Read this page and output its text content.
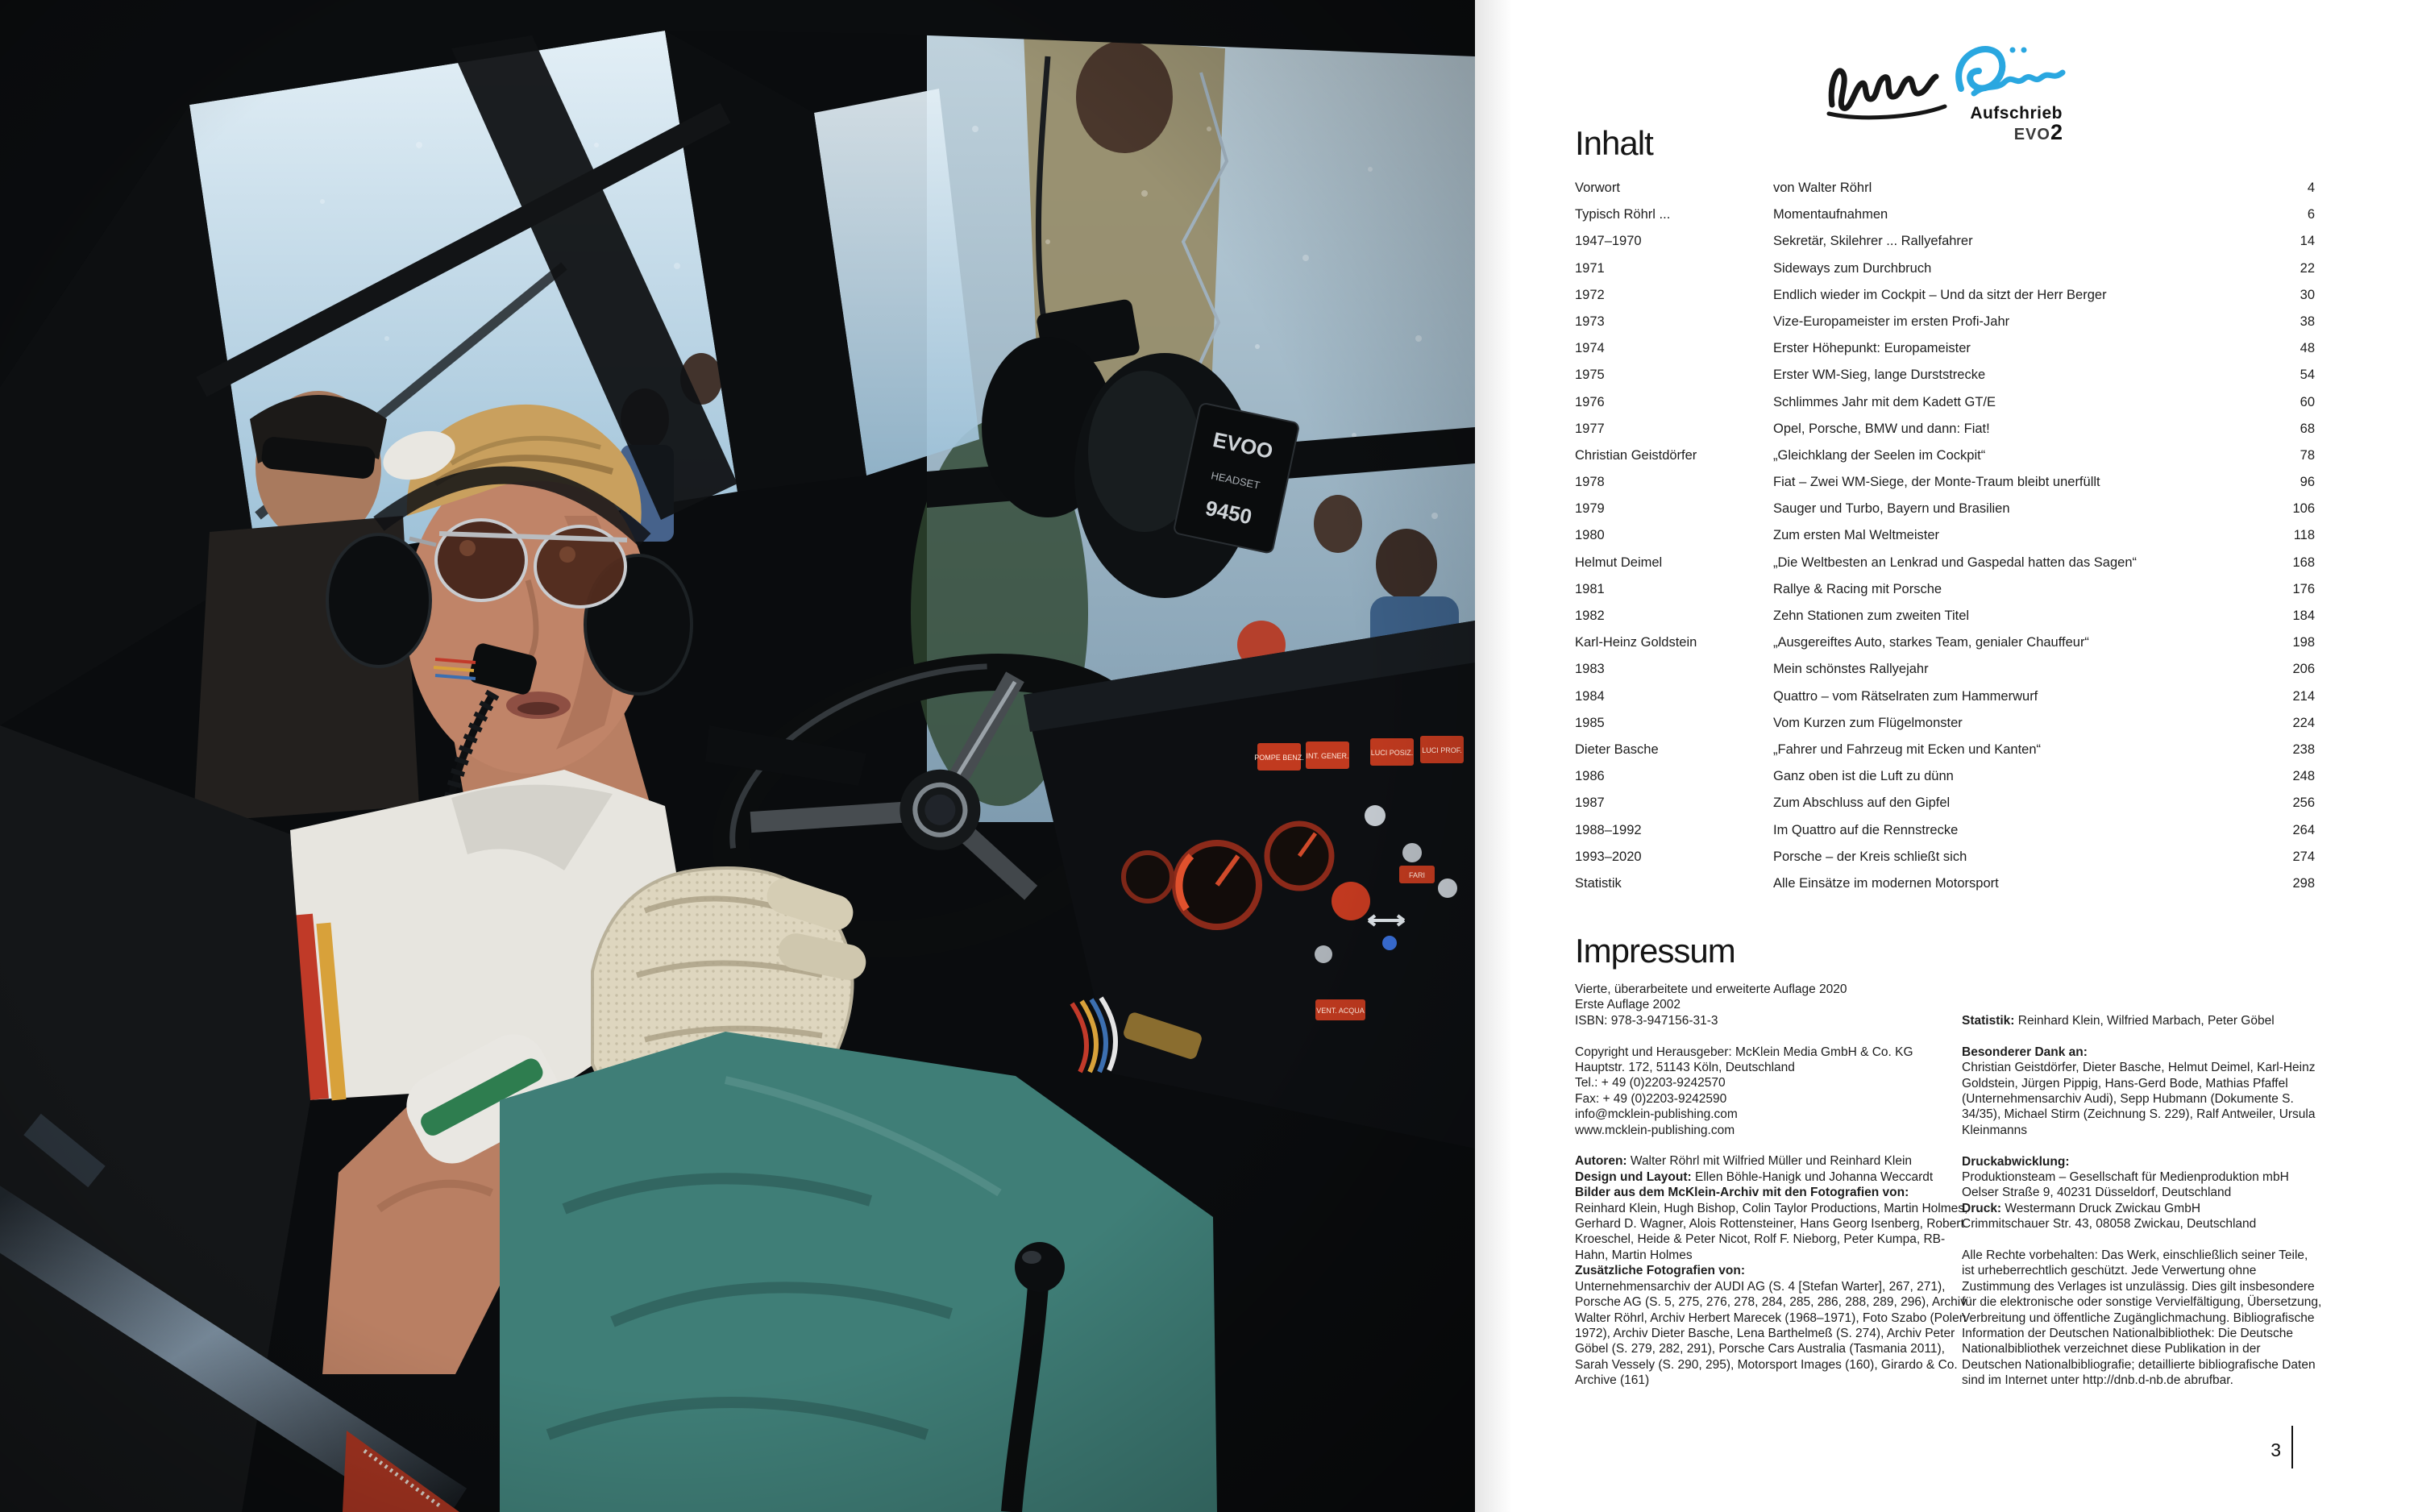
Aufschrieb
EVO2
Inhalt
Vorwort	von Walter Röhrl	4
Typisch Röhrl ...	Momentaufnahmen	6
1947–1970	Sekretär, Skilehrer ... Rallyefahrer	14
1971	Sideways zum Durchbruch	22
1972	Endlich wieder im Cockpit – Und da sitzt der Herr Berger	30
1973	Vize-Europameister im ersten Profi-Jahr	38
1974	Erster Höhepunkt: Europameister	48
1975	Erster WM-Sieg, lange Durststrecke	54
1976	Schlimmes Jahr mit dem Kadett GT/E	60
1977	Opel, Porsche, BMW und dann: Fiat!	68
Christian Geistdörfer	„Gleichklang der Seelen im Cockpit“	78
1978	Fiat – Zwei WM-Siege, der Monte-Traum bleibt unerfüllt	96
1979	Sauger und Turbo, Bayern und Brasilien	106
1980	Zum ersten Mal Weltmeister	118
Helmut Deimel	„Die Weltbesten an Lenkrad und Gaspedal hatten das Sagen“	168
1981	Rallye & Racing mit Porsche	176
1982	Zehn Stationen zum zweiten Titel	184
Karl-Heinz Goldstein	„Ausgereiftes Auto, starkes Team, genialer Chauffeur“	198
1983	Mein schönstes Rallyejahr	206
1984	Quattro – vom Rätselraten zum Hammerwurf	214
1985	Vom Kurzen zum Flügelmonster	224
Dieter Basche	„Fahrer und Fahrzeug mit Ecken und Kanten“	238
1986	Ganz oben ist die Luft zu dünn	248
1987	Zum Abschluss auf den Gipfel	256
1988–1992	Im Quattro auf die Rennstrecke	264
1993–2020	Porsche – der Kreis schließt sich	274
Statistik	Alle Einsätze im modernen Motorsport	298
Impressum
Vierte, überarbeitete und erweiterte Auflage 2020
Erste Auflage 2002
ISBN: 978-3-947156-31-3
Copyright und Herausgeber: McKlein Media GmbH & Co. KG
Hauptstr. 172, 51143 Köln, Deutschland
Tel.: + 49 (0)2203-9242570
Fax: + 49 (0)2203-9242590
info@mcklein-publishing.com
www.mcklein-publishing.com
Autoren: Walter Röhrl mit Wilfried Müller und Reinhard Klein
Design und Layout: Ellen Böhle-Hanigk und Johanna Weccardt
Bilder aus dem McKlein-Archiv mit den Fotografien von:
Reinhard Klein, Hugh Bishop, Colin Taylor Productions, Martin Holmes, Gerhard D. Wagner, Alois Rottensteiner, Hans Georg Isenberg, Robert Kroeschel, Heide & Peter Nicot, Rolf F. Nieborg, Peter Kumpa, RB-Hahn, Martin Holmes
Zusätzliche Fotografien von:
Unternehmensarchiv der AUDI AG (S. 4 [Stefan Warter], 267, 271), Porsche AG (S. 5, 275, 276, 278, 284, 285, 286, 288, 289, 296), Archiv Walter Röhrl, Archiv Herbert Marecek (1968–1971), Foto Szabo (Polen 1972), Archiv Dieter Basche, Lena Barthelmeß (S. 274), Archiv Peter Göbel (S. 279, 282, 291), Porsche Cars Australia (Tasmania 2011), Sarah Vessely (S. 290, 295), Motorsport Images (160), Girardo & Co. Archive (161)
Statistik: Reinhard Klein, Wilfried Marbach, Peter Göbel
Besonderer Dank an:
Christian Geistdörfer, Dieter Basche, Helmut Deimel, Karl-Heinz Goldstein, Jürgen Pippig, Hans-Gerd Bode, Mathias Pfaffel (Unternehmensarchiv Audi), Sepp Hubmann (Dokumente S. 34/35), Michael Stirm (Zeichnung S. 229), Ralf Antweiler, Ursula Kleinmanns
Druckabwicklung:
Produktionsteam – Gesellschaft für Medienproduktion mbH
Oelser Straße 9, 40231 Düsseldorf, Deutschland
Druck: Westermann Druck Zwickau GmbH
Crimmitschauer Str. 43, 08058 Zwickau, Deutschland
Alle Rechte vorbehalten: Das Werk, einschließlich seiner Teile, ist urheberrechtlich geschützt. Jede Verwertung ohne Zustimmung des Verlages ist unzulässig. Dies gilt insbesondere für die elektronische oder sonstige Vervielfältigung, Übersetzung, Verbreitung und öffentliche Zugänglichmachung. Bibliografische Information der Deutschen Nationalbibliothek: Die Deutsche Nationalbibliothek verzeichnet diese Publikation in der Deutschen Nationalbibliografie; detaillierte bibliografische Daten sind im Internet unter http://dnb.d-nb.de abrufbar.
3
